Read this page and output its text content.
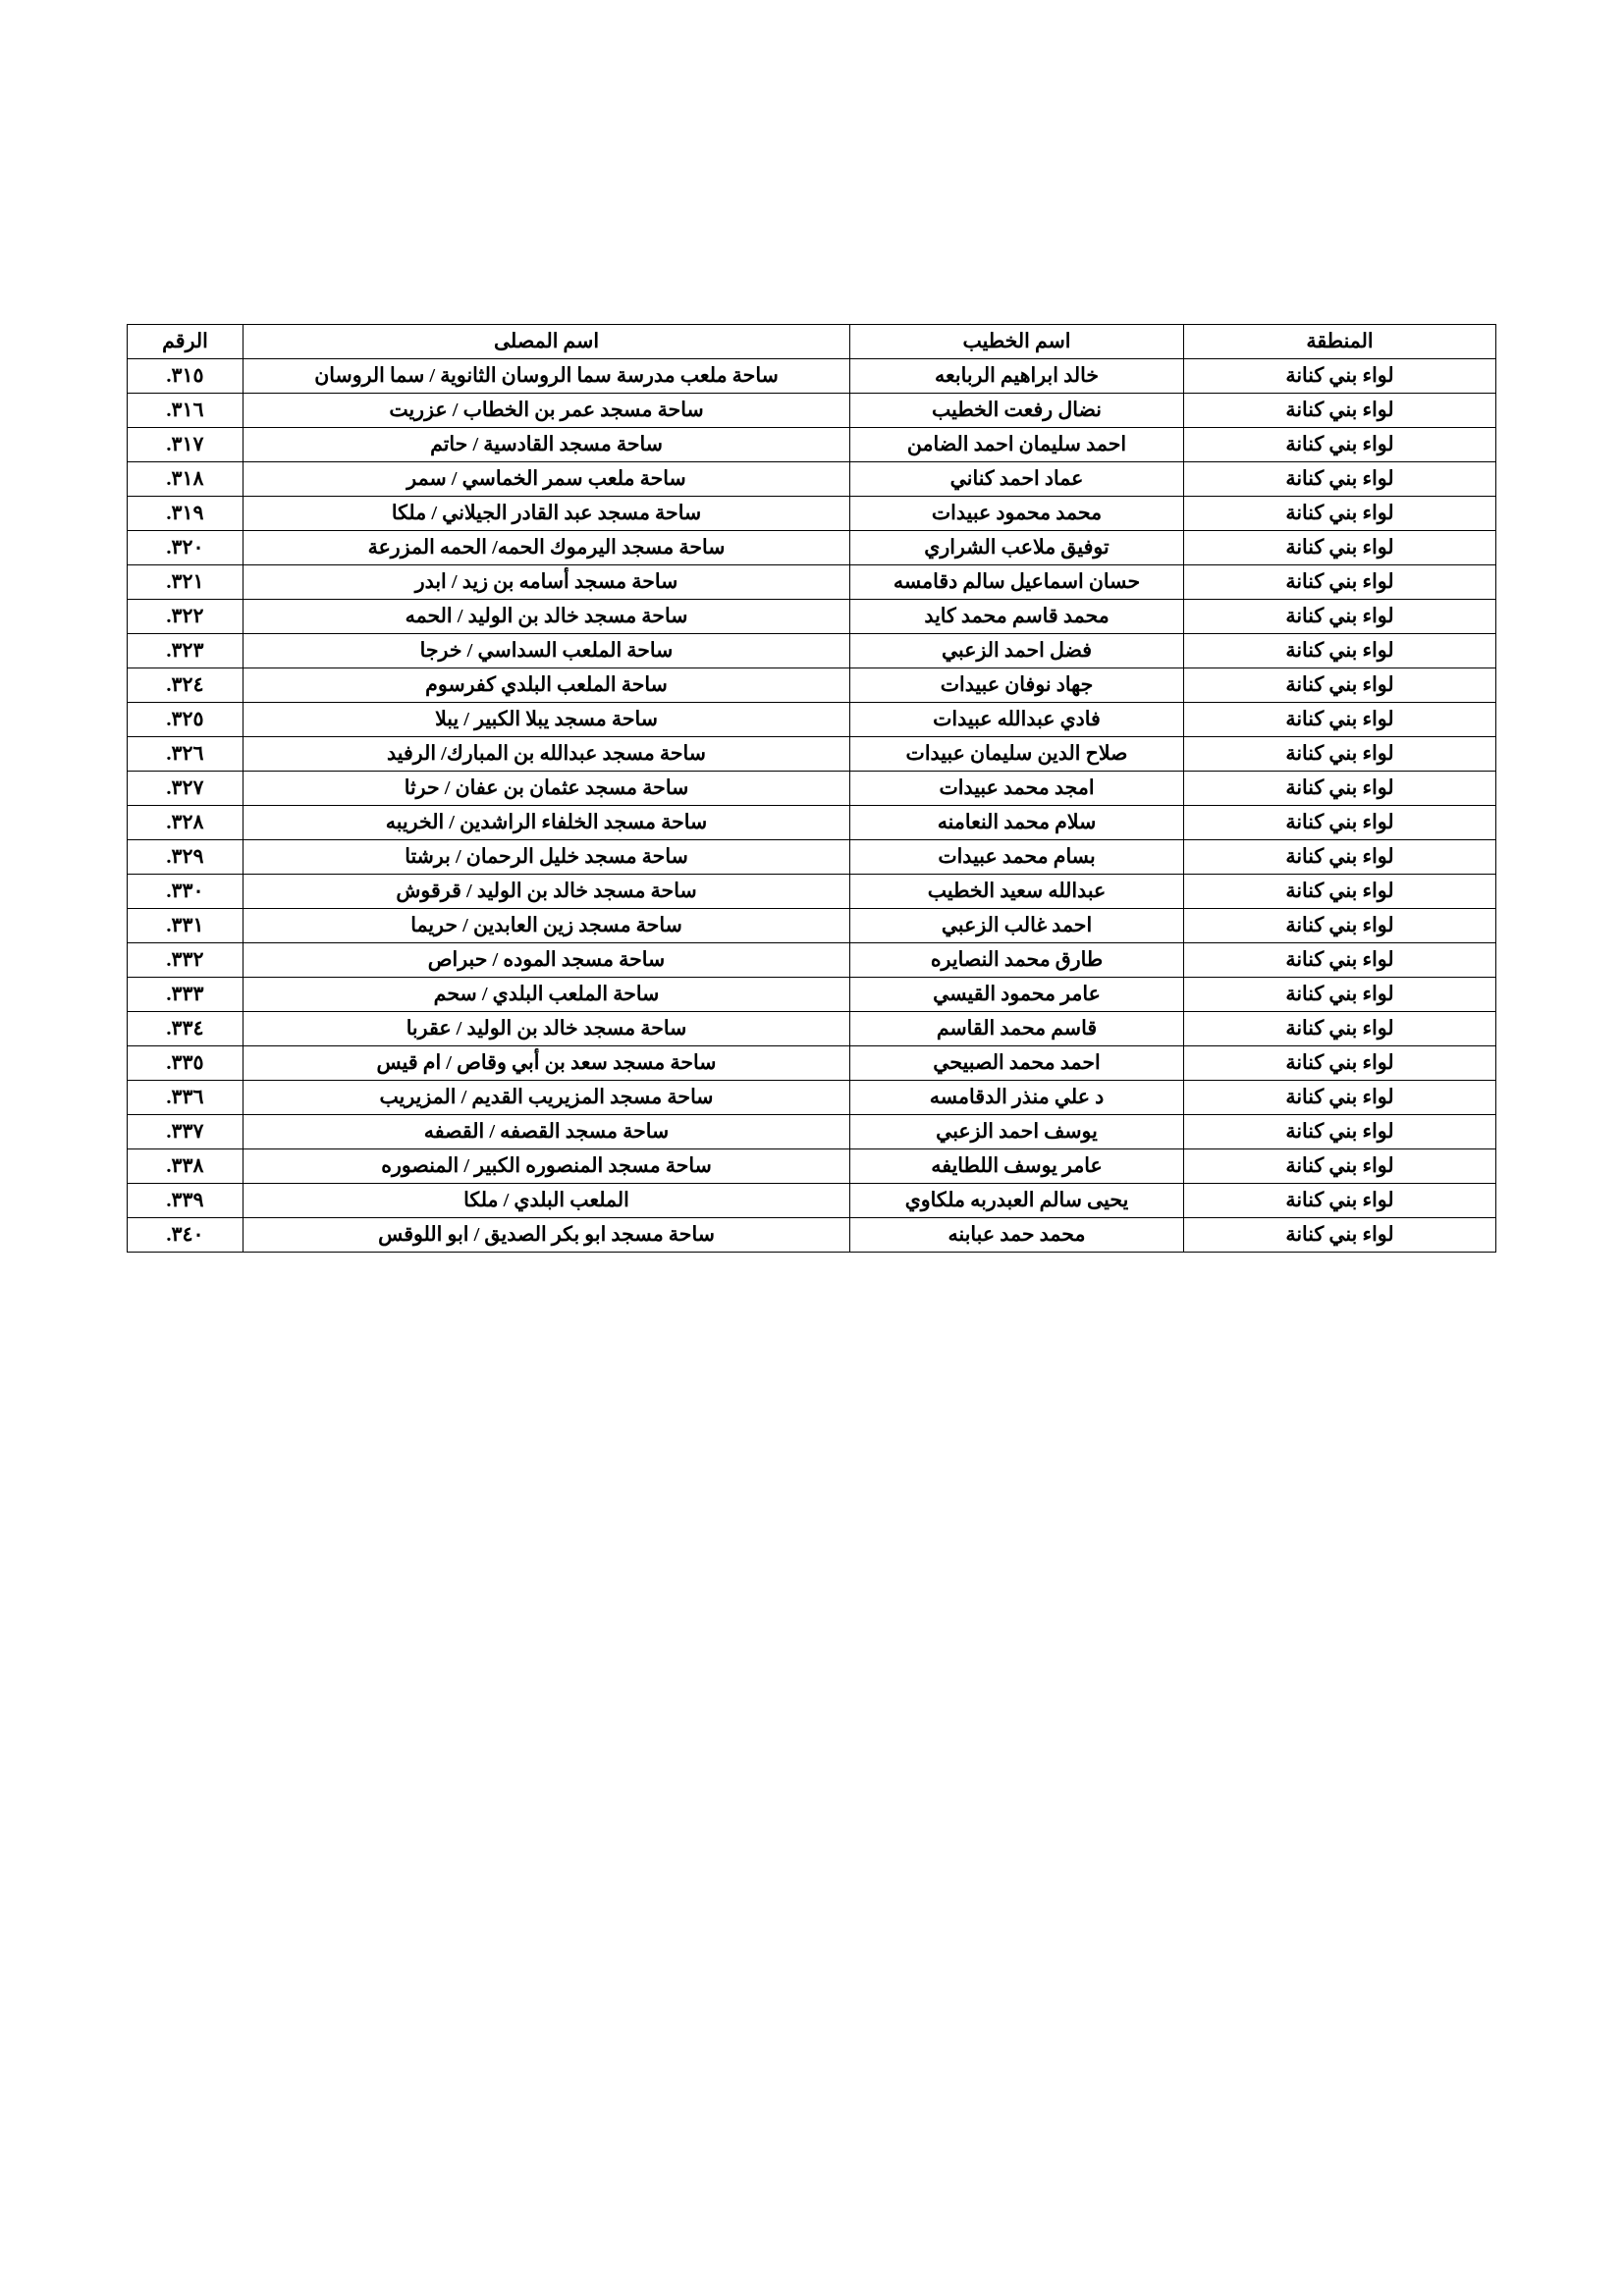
المنطقة	اسم الخطيب	اسم المصلى	الرقم
لواء بني كنانة	خالد ابراهيم الربابعه	ساحة ملعب مدرسة سما الروسان الثانوية / سما الروسان	٣١٥.
لواء بني كنانة	نضال رفعت الخطيب	ساحة مسجد عمر بن الخطاب / عزريت	٣١٦.
لواء بني كنانة	احمد سليمان احمد الضامن	ساحة مسجد القادسية / حاتم	٣١٧.
لواء بني كنانة	عماد احمد كناني	ساحة ملعب سمر الخماسي / سمر	٣١٨.
لواء بني كنانة	محمد محمود عبيدات	ساحة مسجد عبد القادر الجيلاني / ملكا	٣١٩.
لواء بني كنانة	توفيق ملاعب الشراري	ساحة مسجد اليرموك الحمه/ الحمه المزرعة	٣٢٠.
لواء بني كنانة	حسان اسماعيل سالم دقامسه	ساحة مسجد أسامه بن زيد / ابدر	٣٢١.
لواء بني كنانة	محمد قاسم محمد كايد	ساحة مسجد خالد بن الوليد / الحمه	٣٢٢.
لواء بني كنانة	فضل احمد الزعبي	ساحة الملعب السداسي / خرجا	٣٢٣.
لواء بني كنانة	جهاد نوفان عبيدات	ساحة الملعب البلدي كفرسوم	٣٢٤.
لواء بني كنانة	فادي عبدالله عبيدات	ساحة مسجد يبلا الكبير / يبلا	٣٢٥.
لواء بني كنانة	صلاح الدين سليمان عبيدات	ساحة مسجد عبدالله بن المبارك/ الرفيد	٣٢٦.
لواء بني كنانة	امجد محمد عبيدات	ساحة مسجد عثمان بن عفان / حرثا	٣٢٧.
لواء بني كنانة	سلام محمد النعامنه	ساحة مسجد الخلفاء الراشدين / الخريبه	٣٢٨.
لواء بني كنانة	بسام محمد عبيدات	ساحة مسجد خليل الرحمان / برشتا	٣٢٩.
لواء بني كنانة	عبدالله سعيد الخطيب	ساحة مسجد خالد بن الوليد / قرقوش	٣٣٠.
لواء بني كنانة	احمد غالب الزعبي	ساحة مسجد زين العابدين / حريما	٣٣١.
لواء بني كنانة	طارق محمد النصايره	ساحة مسجد الموده / حبراص	٣٣٢.
لواء بني كنانة	عامر محمود القيسي	ساحة الملعب البلدي / سحم	٣٣٣.
لواء بني كنانة	قاسم محمد القاسم	ساحة مسجد خالد بن الوليد / عقربا	٣٣٤.
لواء بني كنانة	احمد محمد الصبيحي	ساحة مسجد سعد بن أبي وقاص / ام قيس	٣٣٥.
لواء بني كنانة	د علي منذر الدقامسه	ساحة مسجد المزيريب القديم / المزيريب	٣٣٦.
لواء بني كنانة	يوسف احمد الزعبي	ساحة مسجد القصفه / القصفه	٣٣٧.
لواء بني كنانة	عامر يوسف اللطايفه	ساحة مسجد المنصوره الكبير / المنصوره	٣٣٨.
لواء بني كنانة	يحيى سالم العبدربه ملكاوي	الملعب البلدي / ملكا	٣٣٩.
لواء بني كنانة	محمد حمد عبابنه	ساحة مسجد ابو بكر الصديق / ابو اللوقس	٣٤٠.
